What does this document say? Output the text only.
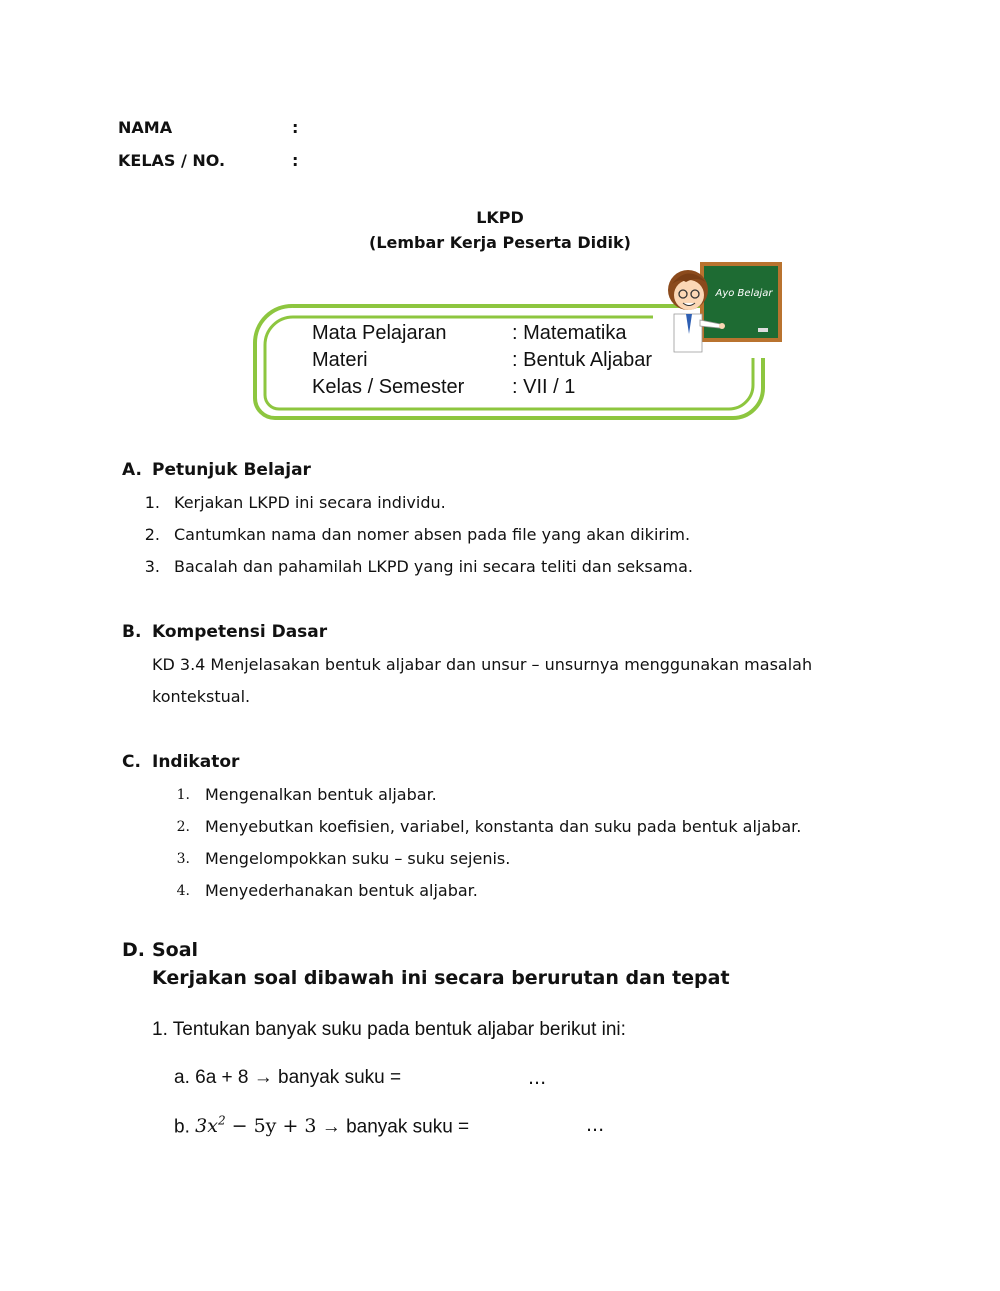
NAMA	:
KELAS / NO.	:
LKPD
(Lembar Kerja Peserta Didik)
Mata Pelajaran	: Matematika
Materi	: Bentuk Aljabar
Kelas / Semester : VII / 1
Ayo Belajar
A. Petunjuk Belajar
1. Kerjakan LKPD ini secara individu.
2. Cantumkan nama dan nomer absen pada file yang akan dikirim.
3. Bacalah dan pahamilah LKPD yang ini secara teliti dan seksama.
B. Kompetensi Dasar
KD 3.4 Menjelasakan bentuk aljabar dan unsur – unsurnya menggunakan masalah
kontekstual.
C. Indikator
1. Mengenalkan bentuk aljabar.
2. Menyebutkan koefisien, variabel, konstanta dan suku pada bentuk aljabar.
3. Mengelompokkan suku – suku sejenis.
4. Menyederhanakan bentuk aljabar.
D. Soal
Kerjakan soal dibawah ini secara berurutan dan tepat
1. Tentukan banyak suku pada bentuk aljabar berikut ini:
a. 6a + 8 → banyak suku =	...
b. $3x^2 - 5y + 3$ → banyak suku =	...
